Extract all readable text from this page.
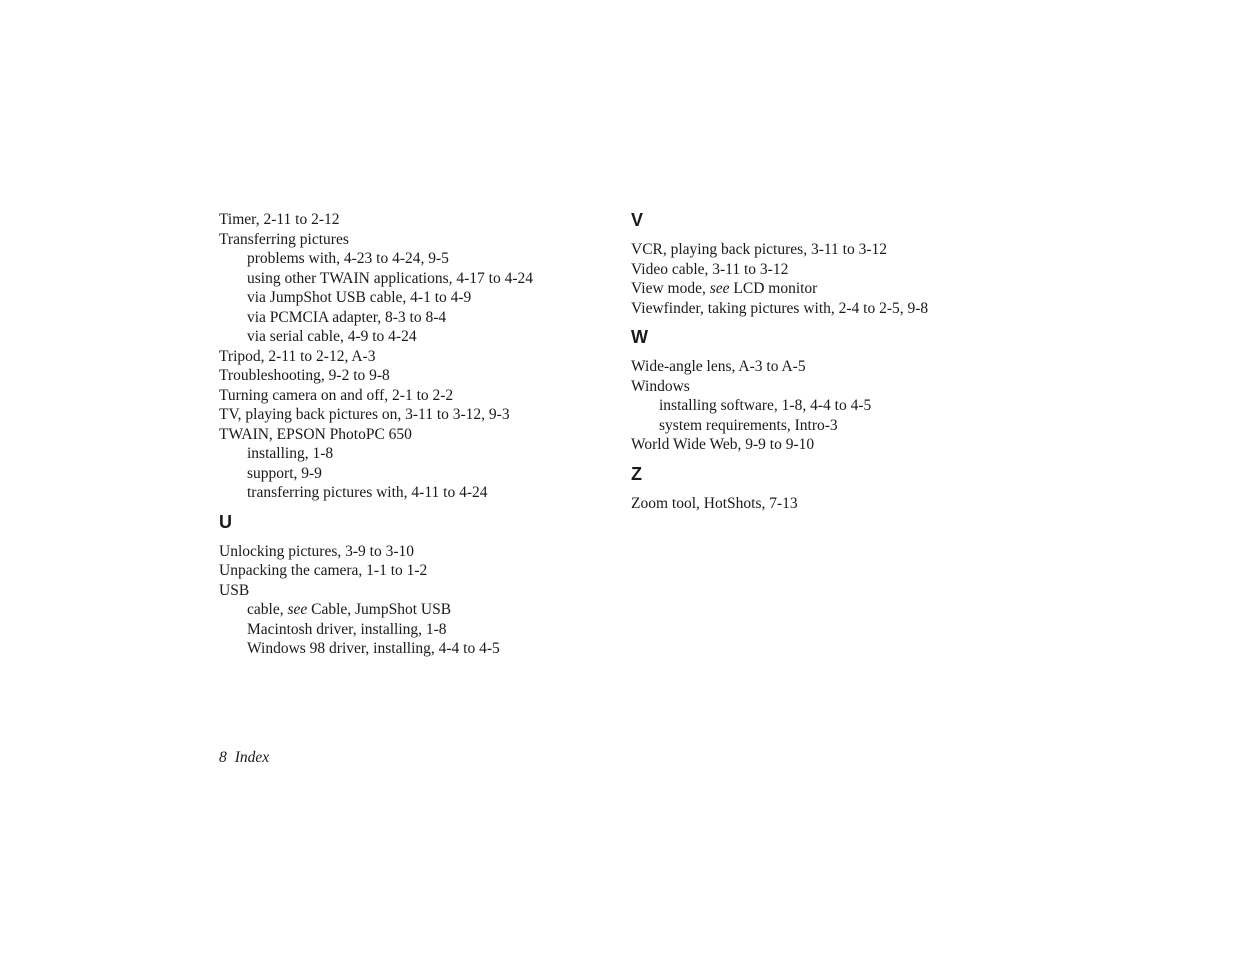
Timer, 2-11 to 2-12
Transferring pictures
problems with, 4-23 to 4-24, 9-5
using other TWAIN applications, 4-17 to 4-24
via JumpShot USB cable, 4-1 to 4-9
via PCMCIA adapter, 8-3 to 8-4
via serial cable, 4-9 to 4-24
Tripod, 2-11 to 2-12, A-3
Troubleshooting, 9-2 to 9-8
Turning camera on and off, 2-1 to 2-2
TV, playing back pictures on, 3-11 to 3-12, 9-3
TWAIN, EPSON PhotoPC 650
installing, 1-8
support, 9-9
transferring pictures with, 4-11 to 4-24
U
Unlocking pictures, 3-9 to 3-10
Unpacking the camera, 1-1 to 1-2
USB
cable, see Cable, JumpShot USB
Macintosh driver, installing, 1-8
Windows 98 driver, installing, 4-4 to 4-5
V
VCR, playing back pictures, 3-11 to 3-12
Video cable, 3-11 to 3-12
View mode, see LCD monitor
Viewfinder, taking pictures with, 2-4 to 2-5, 9-8
W
Wide-angle lens, A-3 to A-5
Windows
installing software, 1-8, 4-4 to 4-5
system requirements, Intro-3
World Wide Web, 9-9 to 9-10
Z
Zoom tool, HotShots, 7-13
8 Index
